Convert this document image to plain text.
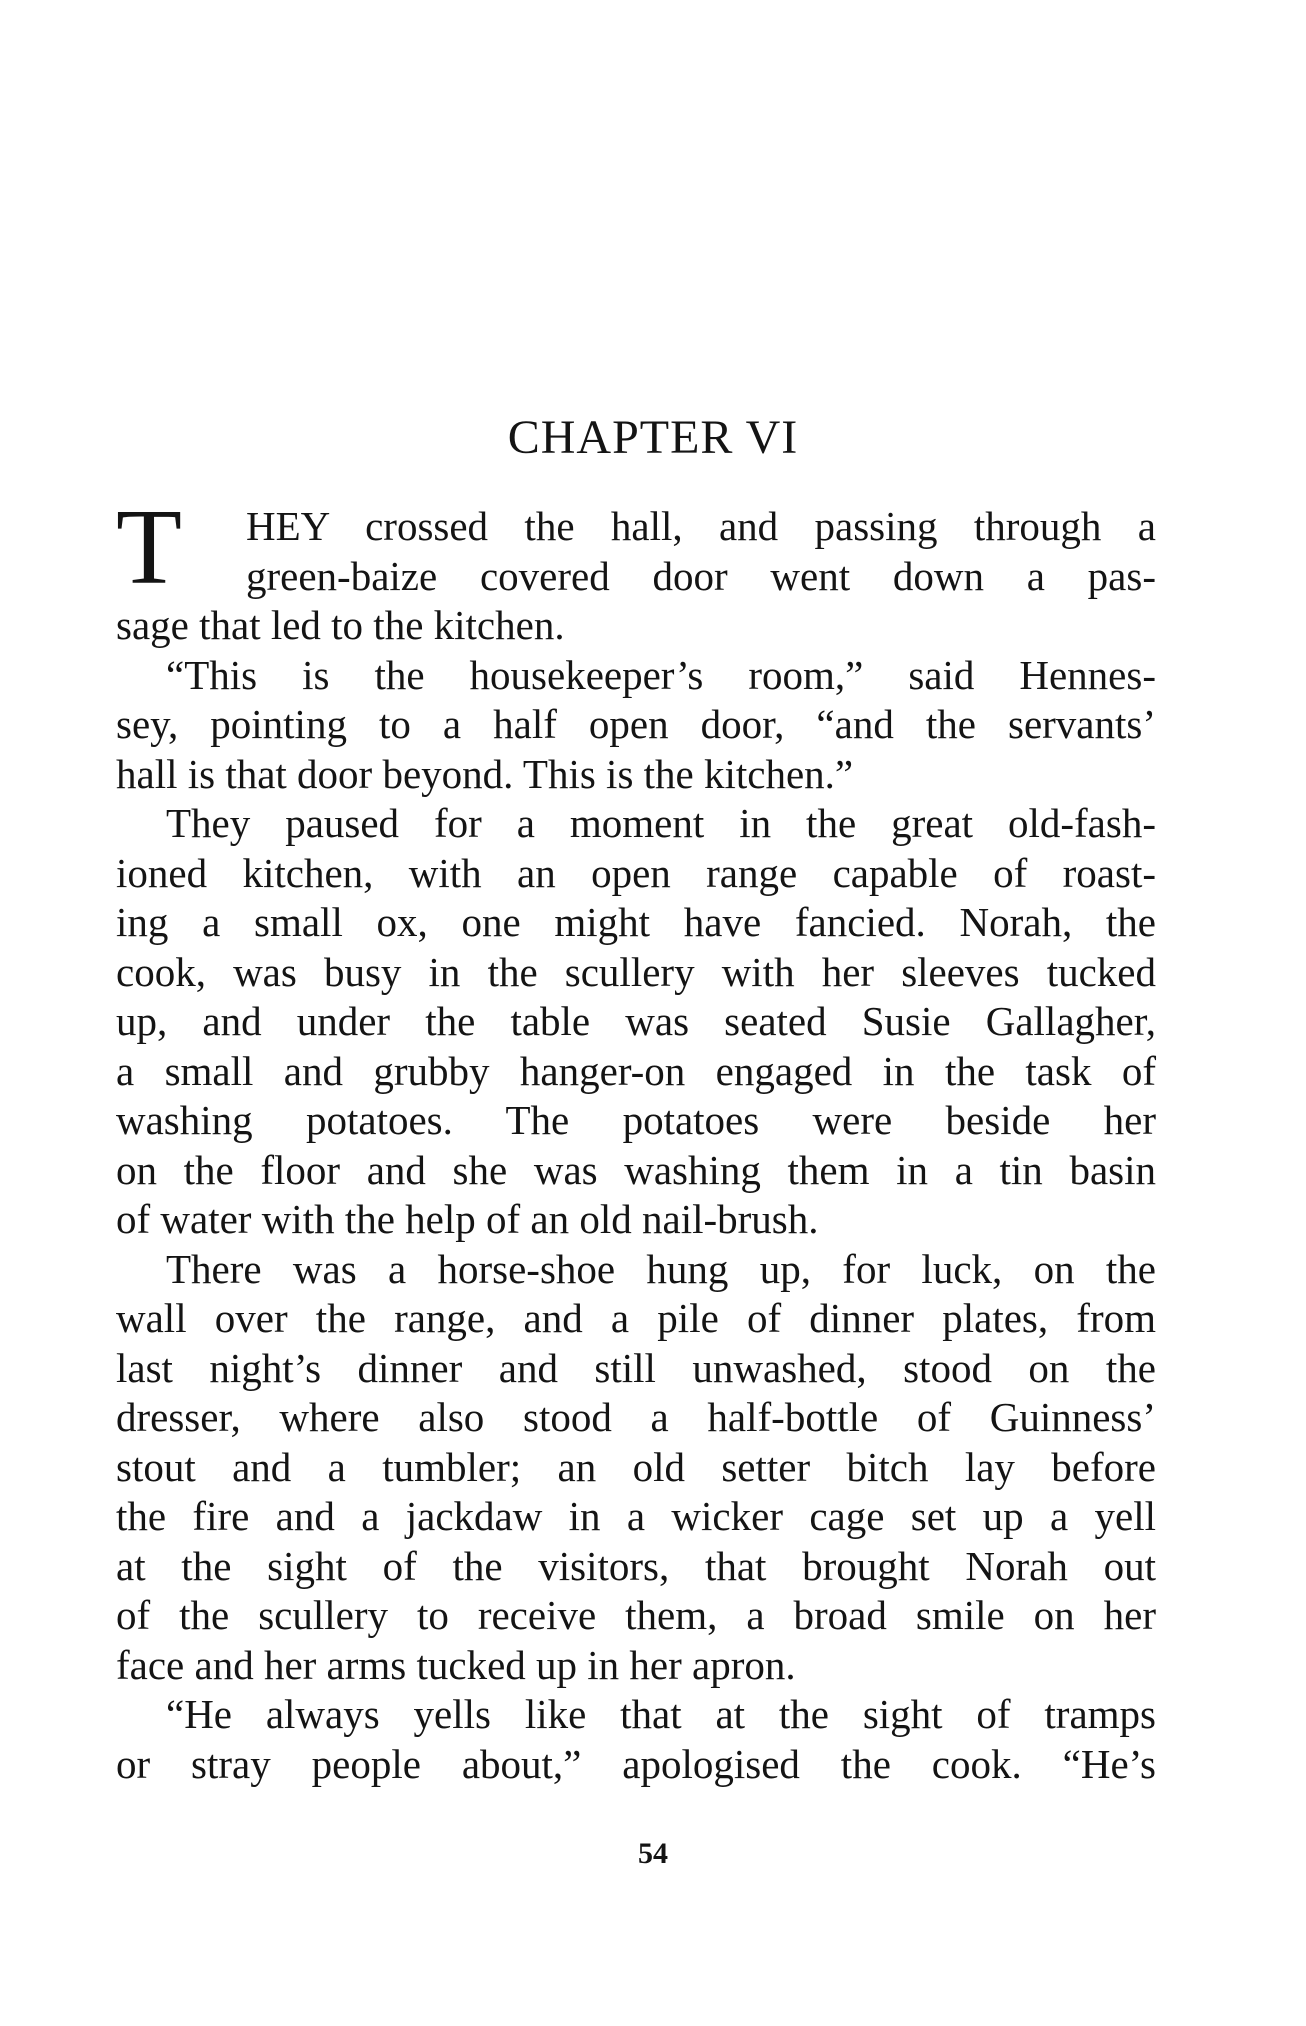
CHAPTER VI
T	HEY crossed the hall, and passing through a
green-baize covered door went down a pas-
sage that led to the kitchen.
“This is the housekeeper’s room,” said Hennes-
sey, pointing to a half open door, “and the servants’
hall is that door beyond. This is the kitchen.”
They paused for a moment in the great old-fash-
ioned kitchen, with an open range capable of roast-
ing a small ox, one might have fancied. Norah, the
cook, was busy in the scullery with her sleeves tucked
up, and under the table was seated Susie Gallagher,
a small and grubby hanger-on engaged in the task of
washing potatoes. The potatoes were beside her
on the floor and she was washing them in a tin basin
of water with the help of an old nail-brush.
There was a horse-shoe hung up, for luck, on the
wall over the range, and a pile of dinner plates, from
last night’s dinner and still unwashed, stood on the
dresser, where also stood a half-bottle of Guinness’
stout and a tumbler; an old setter bitch lay before
the fire and a jackdaw in a wicker cage set up a yell
at the sight of the visitors, that brought Norah out
of the scullery to receive them, a broad smile on her
face and her arms tucked up in her apron.
“He always yells like that at the sight of tramps
or stray people about,” apologised the cook. “He’s
54
